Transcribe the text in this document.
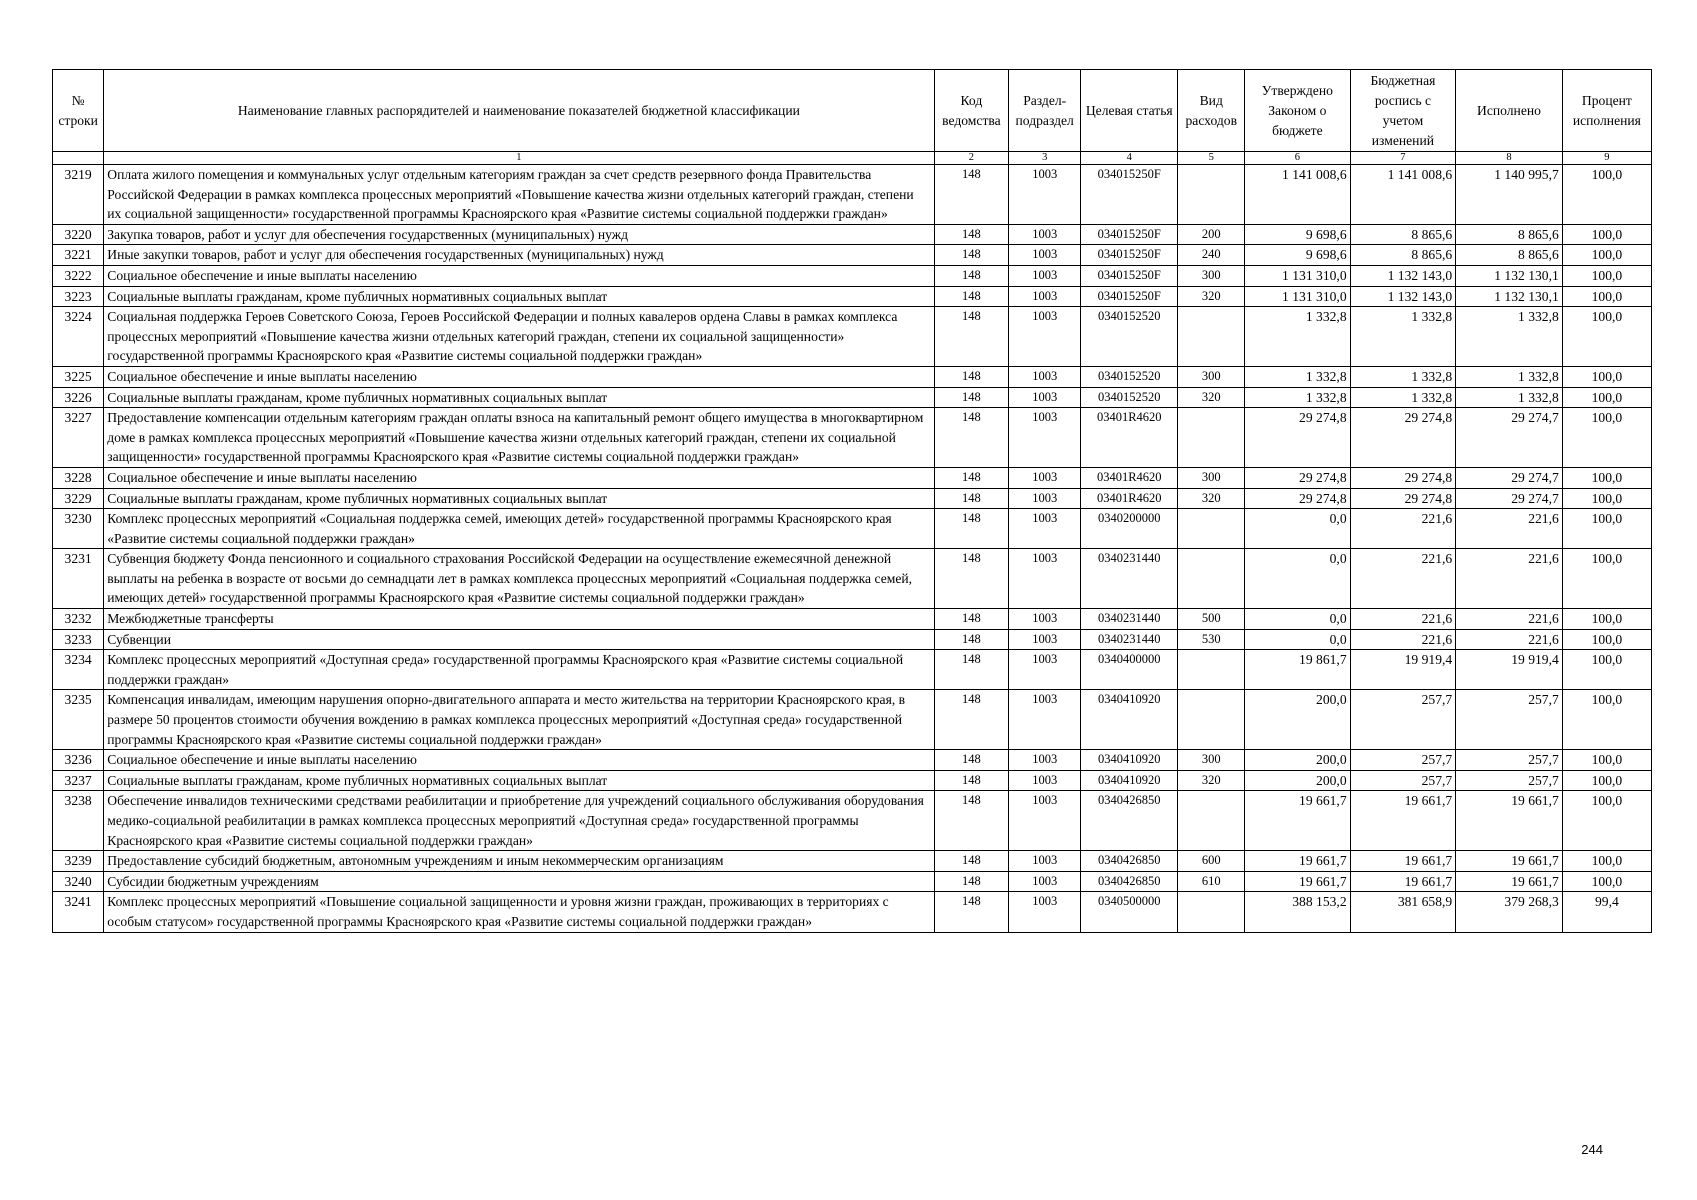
№ строки	Наименование главных распорядителей и наименование показателей бюджетной классификации	Код ведомства	Раздел-подраздел	Целевая статья	Вид расходов	Утверждено Законом о бюджете	Бюджетная роспись с учетом изменений	Исполнено	Процент исполнения
	1	2	3	4	5	6	7	8	9
3219	Оплата жилого помещения и коммунальных услуг отдельным категориям граждан за счет средств резервного фонда Правительства Российской Федерации в рамках комплекса процессных мероприятий «Повышение качества жизни отдельных категорий граждан, степени их социальной защищенности» государственной программы Красноярского края «Развитие системы социальной поддержки граждан»	148	1003	034015250F		1 141 008,6	1 141 008,6	1 140 995,7	100,0
3220	Закупка товаров, работ и услуг для обеспечения государственных (муниципальных) нужд	148	1003	034015250F	200	9 698,6	8 865,6	8 865,6	100,0
3221	Иные закупки товаров, работ и услуг для обеспечения государственных (муниципальных) нужд	148	1003	034015250F	240	9 698,6	8 865,6	8 865,6	100,0
3222	Социальное обеспечение и иные выплаты населению	148	1003	034015250F	300	1 131 310,0	1 132 143,0	1 132 130,1	100,0
3223	Социальные выплаты гражданам, кроме публичных нормативных социальных выплат	148	1003	034015250F	320	1 131 310,0	1 132 143,0	1 132 130,1	100,0
3224	Социальная поддержка Героев Советского Союза, Героев Российской Федерации и полных кавалеров ордена Славы в рамках комплекса процессных мероприятий «Повышение качества жизни отдельных категорий граждан, степени их социальной защищенности» государственной программы Красноярского края «Развитие системы социальной поддержки граждан»	148	1003	0340152520		1 332,8	1 332,8	1 332,8	100,0
3225	Социальное обеспечение и иные выплаты населению	148	1003	0340152520	300	1 332,8	1 332,8	1 332,8	100,0
3226	Социальные выплаты гражданам, кроме публичных нормативных социальных выплат	148	1003	0340152520	320	1 332,8	1 332,8	1 332,8	100,0
3227	Предоставление компенсации отдельным категориям граждан оплаты взноса на капитальный ремонт общего имущества в многоквартирном доме в рамках комплекса процессных мероприятий «Повышение качества жизни отдельных категорий граждан, степени их социальной защищенности» государственной программы Красноярского края «Развитие системы социальной поддержки граждан»	148	1003	03401R4620		29 274,8	29 274,8	29 274,7	100,0
3228	Социальное обеспечение и иные выплаты населению	148	1003	03401R4620	300	29 274,8	29 274,8	29 274,7	100,0
3229	Социальные выплаты гражданам, кроме публичных нормативных социальных выплат	148	1003	03401R4620	320	29 274,8	29 274,8	29 274,7	100,0
3230	Комплекс процессных мероприятий «Социальная поддержка семей, имеющих детей» государственной программы Красноярского края «Развитие системы социальной поддержки граждан»	148	1003	0340200000		0,0	221,6	221,6	100,0
3231	Субвенция бюджету Фонда пенсионного и социального страхования Российской Федерации на осуществление ежемесячной денежной выплаты на ребенка в возрасте от восьми до семнадцати лет в рамках комплекса процессных мероприятий «Социальная поддержка семей, имеющих детей» государственной программы Красноярского края «Развитие системы социальной поддержки граждан»	148	1003	0340231440		0,0	221,6	221,6	100,0
3232	Межбюджетные трансферты	148	1003	0340231440	500	0,0	221,6	221,6	100,0
3233	Субвенции	148	1003	0340231440	530	0,0	221,6	221,6	100,0
3234	Комплекс процессных мероприятий «Доступная среда» государственной программы Красноярского края «Развитие системы социальной поддержки граждан»	148	1003	0340400000		19 861,7	19 919,4	19 919,4	100,0
3235	Компенсация инвалидам, имеющим нарушения опорно-двигательного аппарата и место жительства на территории Красноярского края, в размере 50 процентов стоимости обучения вождению в рамках комплекса процессных мероприятий «Доступная среда» государственной программы Красноярского края «Развитие системы социальной поддержки граждан»	148	1003	0340410920		200,0	257,7	257,7	100,0
3236	Социальное обеспечение и иные выплаты населению	148	1003	0340410920	300	200,0	257,7	257,7	100,0
3237	Социальные выплаты гражданам, кроме публичных нормативных социальных выплат	148	1003	0340410920	320	200,0	257,7	257,7	100,0
3238	Обеспечение инвалидов техническими средствами реабилитации и приобретение для учреждений социального обслуживания оборудования медико-социальной реабилитации в рамках комплекса процессных мероприятий «Доступная среда» государственной программы Красноярского края «Развитие системы социальной поддержки граждан»	148	1003	0340426850		19 661,7	19 661,7	19 661,7	100,0
3239	Предоставление субсидий бюджетным, автономным учреждениям и иным некоммерческим организациям	148	1003	0340426850	600	19 661,7	19 661,7	19 661,7	100,0
3240	Субсидии бюджетным учреждениям	148	1003	0340426850	610	19 661,7	19 661,7	19 661,7	100,0
3241	Комплекс процессных мероприятий «Повышение социальной защищенности и уровня жизни граждан, проживающих в территориях с особым статусом» государственной программы Красноярского края «Развитие системы социальной поддержки граждан»	148	1003	0340500000		388 153,2	381 658,9	379 268,3	99,4
244
